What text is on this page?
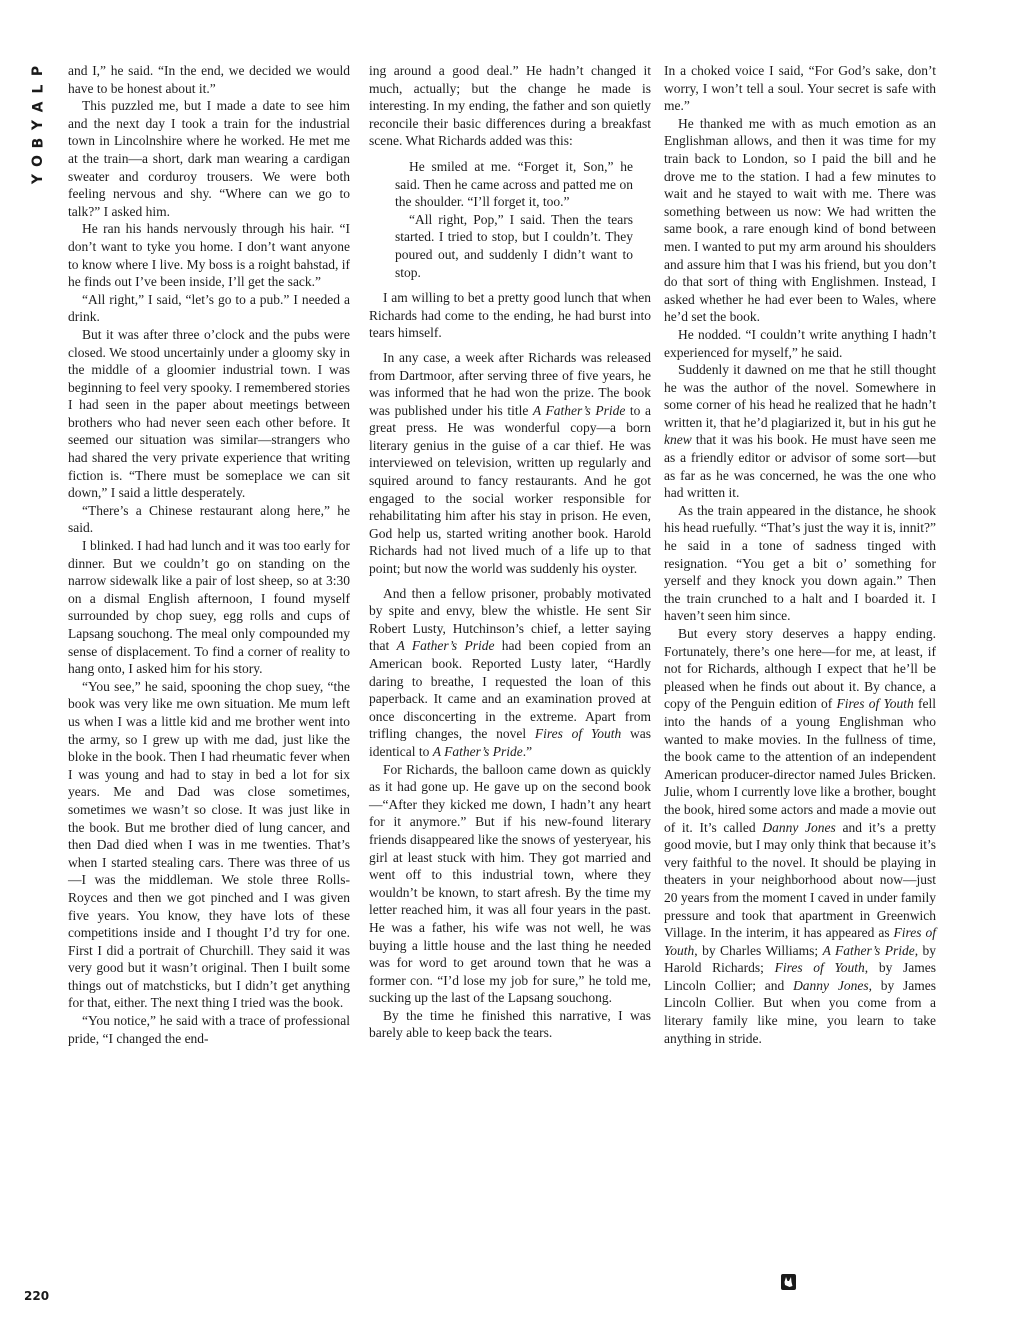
P
L
A
Y
B
O
Y
220

and I,” he said. “In the end, we decided we would have to be honest about it.”

This puzzled me, but I made a date to see him and the next day I took a train for the industrial town in Lincolnshire where he worked. He met me at the train—a short, dark man wearing a cardigan sweater and corduroy trousers. We were both feeling nervous and shy. “Where can we go to talk?” I asked him.

He ran his hands nervously through his hair. “I don’t want to tyke you home. I don’t want anyone to know where I live. My boss is a roight bahstad, if he finds out I’ve been inside, I’ll get the sack.”

“All right,” I said, “let’s go to a pub.” I needed a drink.

But it was after three o’clock and the pubs were closed. We stood uncertainly under a gloomy sky in the middle of a gloomier industrial town. I was beginning to feel very spooky. I remembered stories I had seen in the paper about meetings between brothers who had never seen each other before. It seemed our situation was similar—strangers who had shared the very private experience that writing fiction is. “There must be someplace we can sit down,” I said a little desperately.

“There’s a Chinese restaurant along here,” he said.

I blinked. I had had lunch and it was too early for dinner. But we couldn’t go on standing on the narrow sidewalk like a pair of lost sheep, so at 3:30 on a dismal English afternoon, I found myself surrounded by chop suey, egg rolls and cups of Lapsang souchong. The meal only compounded my sense of displacement. To find a corner of reality to hang onto, I asked him for his story.

“You see,” he said, spooning the chop suey, “the book was very like me own situation. Me mum left us when I was a little kid and me brother went into the army, so I grew up with me dad, just like the bloke in the book. Then I had rheumatic fever when I was young and had to stay in bed a lot for six years. Me and Dad was close sometimes, sometimes we wasn’t so close. It was just like in the book. But me brother died of lung cancer, and then Dad died when I was in me twenties. That’s when I started stealing cars. There was three of us—I was the middleman. We stole three Rolls-Royces and then we got pinched and I was given five years. You know, they have lots of these competitions inside and I thought I’d try for one. First I did a portrait of Churchill. They said it was very good but it wasn’t original. Then I built some things out of matchsticks, but I didn’t get anything for that, either. The next thing I tried was the book.

“You notice,” he said with a trace of professional pride, “I changed the end-

ing around a good deal.” He hadn’t changed it much, actually; but the change he made is interesting. In my ending, the father and son quietly reconcile their basic differences during a breakfast scene. What Richards added was this:

He smiled at me. “Forget it, Son,” he said. Then he came across and patted me on the shoulder. “I’ll forget it, too.”

“All right, Pop,” I said. Then the tears started. I tried to stop, but I couldn’t. They poured out, and suddenly I didn’t want to stop.

I am willing to bet a pretty good lunch that when Richards had come to the ending, he had burst into tears himself.

In any case, a week after Richards was released from Dartmoor, after serving three of five years, he was informed that he had won the prize. The book was published under his title A Father’s Pride to a great press. He was wonderful copy—a born literary genius in the guise of a car thief. He was interviewed on television, written up regularly and squired around to fancy restaurants. And he got engaged to the social worker responsible for rehabilitating him after his stay in prison. He even, God help us, started writing another book. Harold Richards had not lived much of a life up to that point; but now the world was suddenly his oyster.

And then a fellow prisoner, probably motivated by spite and envy, blew the whistle. He sent Sir Robert Lusty, Hutchinson’s chief, a letter saying that A Father’s Pride had been copied from an American book. Reported Lusty later, “Hardly daring to breathe, I requested the loan of this paperback. It came and an examination proved at once disconcerting in the extreme. Apart from trifling changes, the novel Fires of Youth was identical to A Father’s Pride.”

For Richards, the balloon came down as quickly as it had gone up. He gave up on the second book—“After they kicked me down, I hadn’t any heart for it anymore.” But if his new-found literary friends disappeared like the snows of yesteryear, his girl at least stuck with him. They got married and went off to this industrial town, where they wouldn’t be known, to start afresh. By the time my letter reached him, it was all four years in the past. He was a father, his wife was not well, he was buying a little house and the last thing he needed was for word to get around town that he was a former con. “I’d lose my job for sure,” he told me, sucking up the last of the Lapsang souchong.

By the time he finished this narrative, I was barely able to keep back the tears.

In a choked voice I said, “For God’s sake, don’t worry, I won’t tell a soul. Your secret is safe with me.”

He thanked me with as much emotion as an Englishman allows, and then it was time for my train back to London, so I paid the bill and he drove me to the station. I had a few minutes to wait and he stayed to wait with me. There was something between us now: We had written the same book, a rare enough kind of bond between men. I wanted to put my arm around his shoulders and assure him that I was his friend, but you don’t do that sort of thing with Englishmen. Instead, I asked whether he had ever been to Wales, where he’d set the book.

He nodded. “I couldn’t write anything I hadn’t experienced for myself,” he said.

Suddenly it dawned on me that he still thought he was the author of the novel. Somewhere in some corner of his head he realized that he hadn’t written it, that he’d plagiarized it, but in his gut he knew that it was his book. He must have seen me as a friendly editor or advisor of some sort—but as far as he was concerned, he was the one who had written it.

As the train appeared in the distance, he shook his head ruefully. “That’s just the way it is, innit?” he said in a tone of sadness tinged with resignation. “You get a bit o’ something for yerself and they knock you down again.” Then the train crunched to a halt and I boarded it. I haven’t seen him since.

But every story deserves a happy ending. Fortunately, there’s one here—for me, at least, if not for Richards, although I expect that he’ll be pleased when he finds out about it. By chance, a copy of the Penguin edition of Fires of Youth fell into the hands of a young Englishman who wanted to make movies. In the fullness of time, the book came to the attention of an independent American producer-director named Jules Bricken. Julie, whom I currently love like a brother, bought the book, hired some actors and made a movie out of it. It’s called Danny Jones and it’s a pretty good movie, but I may only think that because it’s very faithful to the novel. It should be playing in theaters in your neighborhood about now—just 20 years from the moment I caved in under family pressure and took that apartment in Greenwich Village. In the interim, it has appeared as Fires of Youth, by Charles Williams; A Father’s Pride, by Harold Richards; Fires of Youth, by James Lincoln Collier; and Danny Jones, by James Lincoln Collier. But when you come from a literary family like mine, you learn to take anything in stride.
